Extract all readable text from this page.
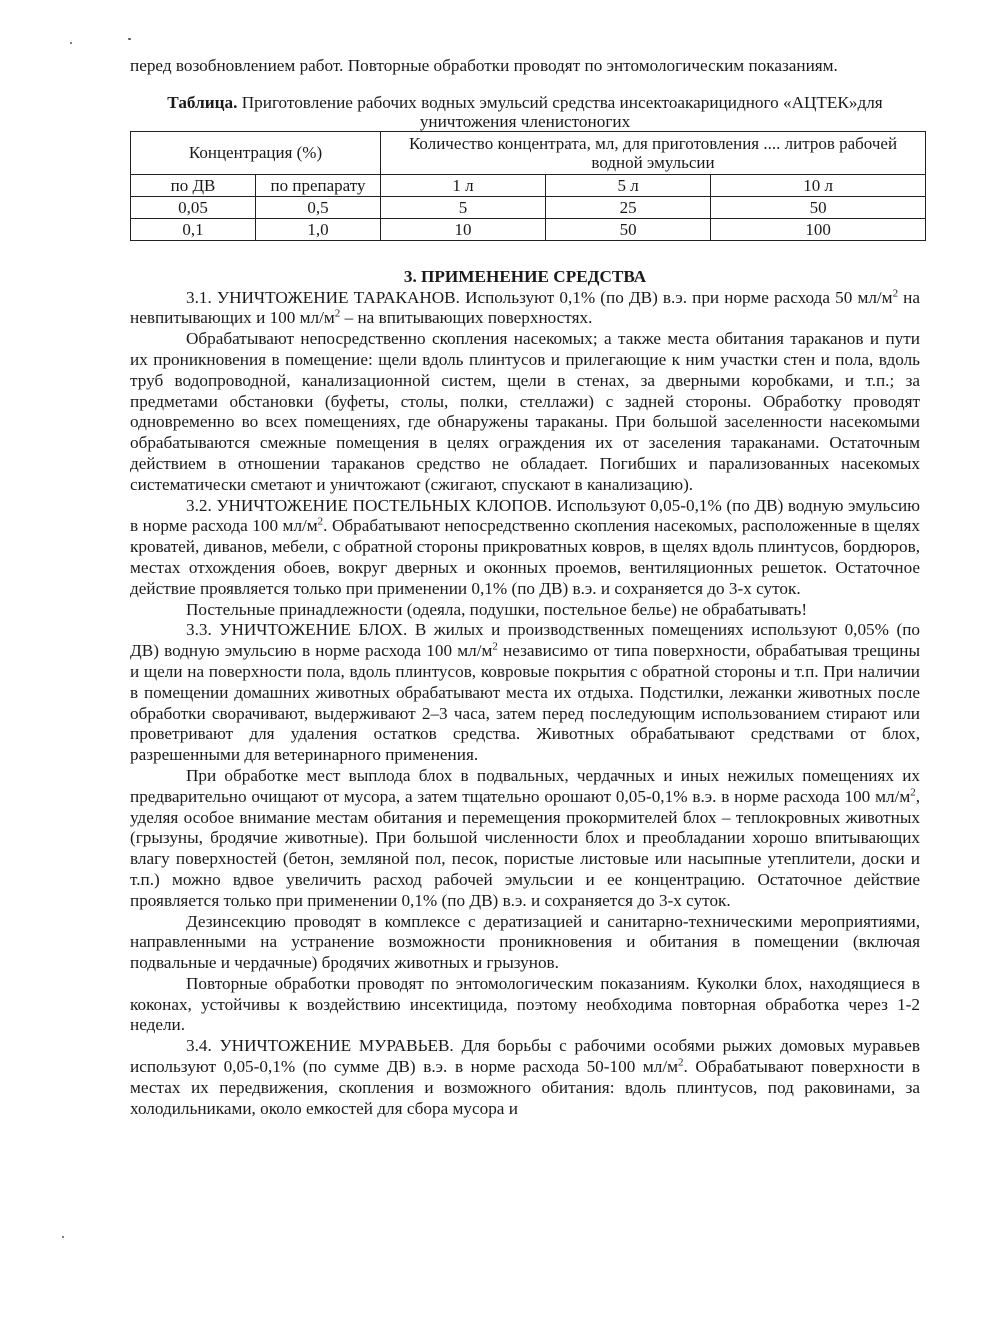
перед возобновлением работ. Повторные обработки проводят по энтомологическим показаниям.

Таблица. Приготовление рабочих водных эмульсий средства инсектоакарицидного «АЦТЕК»для уничтожения членистоногих

Концентрация (%)		Количество концентрата, мл, для приготовления .... литров рабочей водной эмульсии		
по ДВ	по препарату	1 л	5 л	10 л
0,05	0,5	5	25	50
0,1	1,0	10	50	100

3. ПРИМЕНЕНИЕ СРЕДСТВА

3.1. УНИЧТОЖЕНИЕ ТАРАКАНОВ. Используют 0,1% (по ДВ) в.э. при норме расхода 50 $мл/м^2$ на невпитывающих и 100 $мл/м^2$ – на впитывающих поверхностях.

Обрабатывают непосредственно скопления насекомых; а также места обитания тараканов и пути их проникновения в помещение: щели вдоль плинтусов и прилегающие к ним участки стен и пола, вдоль труб водопроводной, канализационной систем, щели в стенах, за дверными коробками, и т.п.; за предметами обстановки (буфеты, столы, полки, стеллажи) с задней стороны. Обработку проводят одновременно во всех помещениях, где обнаружены тараканы. При большой заселенности насекомыми обрабатываются смежные помещения в целях ограждения их от заселения тараканами. Остаточным действием в отношении тараканов средство не обладает. Погибших и парализованных насекомых систематически сметают и уничтожают (сжигают, спускают в канализацию).

3.2. УНИЧТОЖЕНИЕ ПОСТЕЛЬНЫХ КЛОПОВ. Используют 0,05-0,1% (по ДВ) водную эмульсию в норме расхода 100 $мл/м^2$. Обрабатывают непосредственно скопления насекомых, расположенные в щелях кроватей, диванов, мебели, с обратной стороны прикроватных ковров, в щелях вдоль плинтусов, бордюров, местах отхождения обоев, вокруг дверных и оконных проемов, вентиляционных решеток. Остаточное действие проявляется только при применении 0,1% (по ДВ) в.э. и сохраняется до 3-х суток.

Постельные принадлежности (одеяла, подушки, постельное белье) не обрабатывать!

3.3. УНИЧТОЖЕНИЕ БЛОХ. В жилых и производственных помещениях используют 0,05% (по ДВ) водную эмульсию в норме расхода 100 $мл/м^2$ независимо от типа поверхности, обрабатывая трещины и щели на поверхности пола, вдоль плинтусов, ковровые покрытия с обратной стороны и т.п. При наличии в помещении домашних животных обрабатывают места их отдыха. Подстилки, лежанки животных после обработки сворачивают, выдерживают 2–3 часа, затем перед последующим использованием стирают или проветривают для удаления остатков средства. Животных обрабатывают средствами от блох, разрешенными для ветеринарного применения.

При обработке мест выплода блох в подвальных, чердачных и иных нежилых помещениях их предварительно очищают от мусора, а затем тщательно орошают 0,05-0,1% в.э. в норме расхода 100 $мл/м^2$, уделяя особое внимание местам обитания и перемещения прокормителей блох – теплокровных животных (грызуны, бродячие животные). При большой численности блох и преобладании хорошо впитывающих влагу поверхностей (бетон, земляной пол, песок, пористые листовые или насыпные утеплители, доски и т.п.) можно вдвое увеличить расход рабочей эмульсии и ее концентрацию. Остаточное действие проявляется только при применении 0,1% (по ДВ) в.э. и сохраняется до 3-х суток.

Дезинсекцию проводят в комплексе с дератизацией и санитарно-техническими мероприятиями, направленными на устранение возможности проникновения и обитания в помещении (включая подвальные и чердачные) бродячих животных и грызунов.

Повторные обработки проводят по энтомологическим показаниям. Куколки блох, находящиеся в коконах, устойчивы к воздействию инсектицида, поэтому необходима повторная обработка через 1-2 недели.

3.4. УНИЧТОЖЕНИЕ МУРАВЬЕВ. Для борьбы с рабочими особями рыжих домовых муравьев используют 0,05-0,1% (по сумме ДВ) в.э. в норме расхода 50-100 $мл/м^2$. Обрабатывают поверхности в местах их передвижения, скопления и возможного обитания: вдоль плинтусов, под раковинами, за холодильниками, около емкостей для сбора мусора и
